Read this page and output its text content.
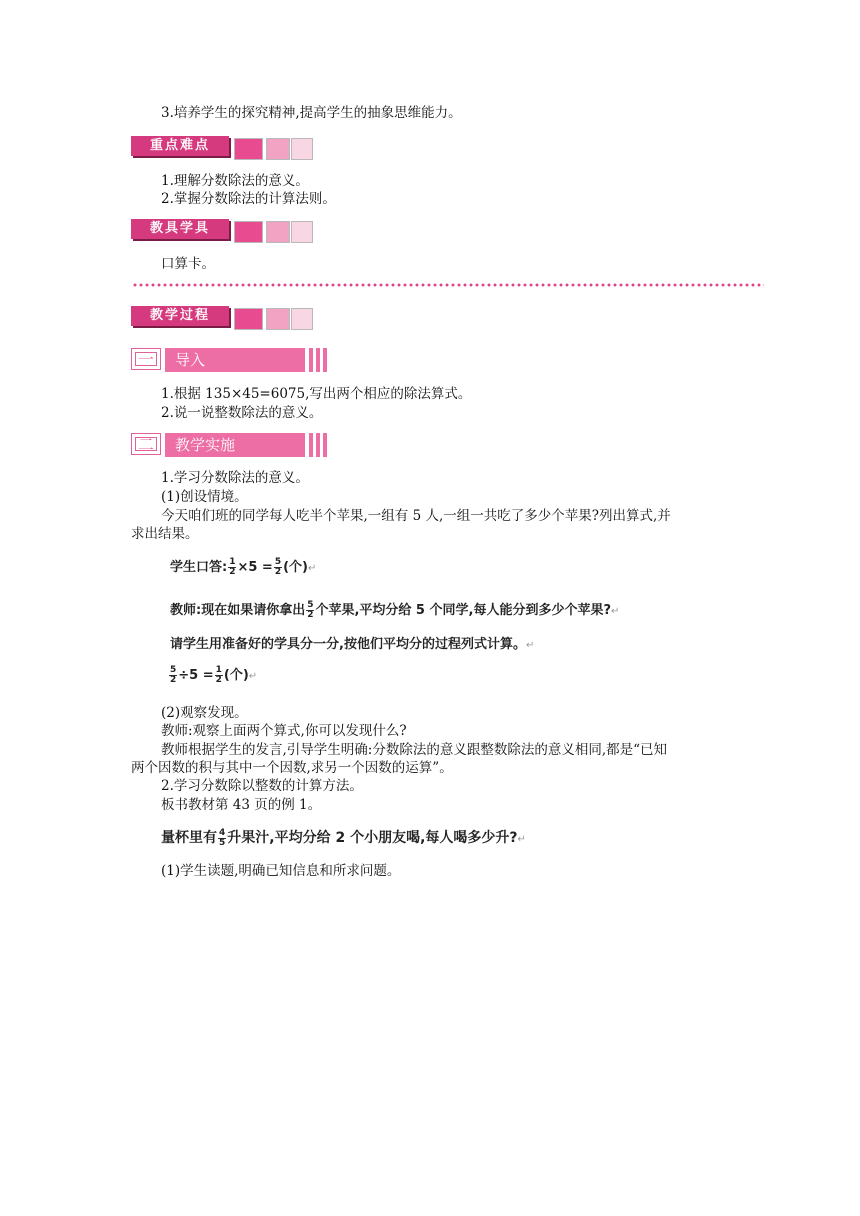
3.培养学生的探究精神,提高学生的抽象思维能力。
重点难点
1.理解分数除法的意义。
2.掌握分数除法的计算法则。
教具学具
口算卡。
教学过程
一	导入
1.根据 135×45=6075,写出两个相应的除法算式。
2.说一说整数除法的意义。
二	教学实施
1.学习分数除法的意义。
(1)创设情境。
今天咱们班的同学每人吃半个苹果,一组有 5 人,一组一共吃了多少个苹果?列出算式,并
求出结果。
学生口答: $\frac{1}{2} \times 5 = \frac{5}{2}$ (个)↵
教师:现在如果请你拿出 $\frac{5}{2}$ 个苹果,平均分给 5 个同学,每人能分到多少个苹果?↵
请学生用准备好的学具分一分,按他们平均分的过程列式计算。↵
$\frac{5}{2} \div 5 = \frac{1}{2}$ (个)↵
(2)观察发现。
教师:观察上面两个算式,你可以发现什么?
教师根据学生的发言,引导学生明确:分数除法的意义跟整数除法的意义相同,都是“已知
两个因数的积与其中一个因数,求另一个因数的运算”。
2.学习分数除以整数的计算方法。
板书教材第 43 页的例 1。
量杯里有 $\frac{4}{5}$ 升果汁,平均分给 2 个小朋友喝,每人喝多少升?↵
(1)学生读题,明确已知信息和所求问题。
